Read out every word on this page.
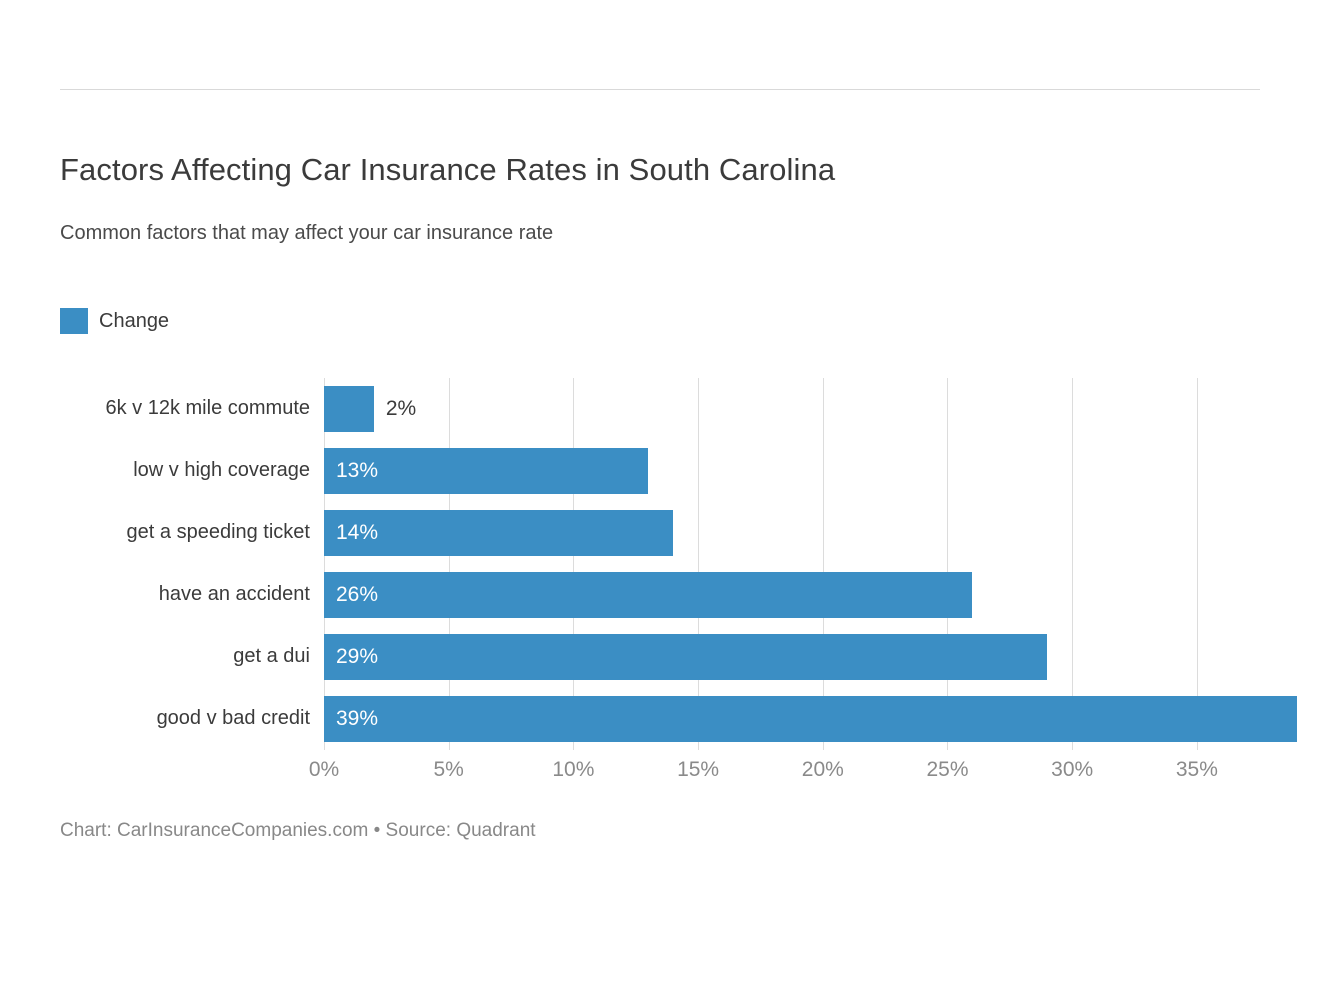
Factors Affecting Car Insurance Rates in South Carolina
Common factors that may affect your car insurance rate
Change
0%	5%	10%	15%	20%	25%	30%	35%
2%
13%
14%
26%
29%
39%
Chart: CarInsuranceCompanies.com • Source: Quadrant
6k v 12k mile commute
low v high coverage
get a speeding ticket
have an accident
get a dui
good v bad credit
